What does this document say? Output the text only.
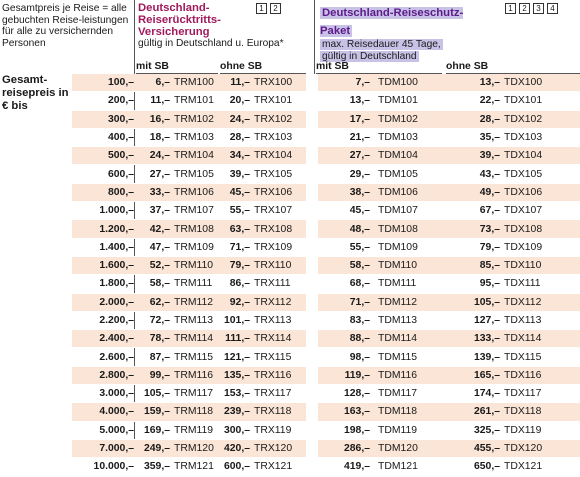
Gesamtpreis je Reise = alle gebuchten Reise-leistungen für alle zu versichernden Personen
Deutschland-Reiserücktritts-Versicherung
gültig in Deutschland u. Europa*
1	2	Deutschland-Reiseschutz-Paket
max. Reisedauer 45 Tage,
gültig in Deutschland
1	2	3	4
Gesamt-reisepreis in € bis
mit SB	ohne SB	mit SB	ohne SB
100,–	6,– TRM100	11,– TRX100	7,– TDM100	13,– TDX100
200,–	11,– TRM101	20,– TRX101	13,– TDM101	22,– TDX101
300,–	16,– TRM102	24,– TRX102	17,– TDM102	28,– TDX102
400,–	18,– TRM103	28,– TRX103	21,– TDM103	35,– TDX103
500,–	24,– TRM104	34,– TRX104	27,– TDM104	39,– TDX104
600,–	27,– TRM105	39,– TRX105	29,– TDM105	43,– TDX105
800,–	33,– TRM106	45,– TRX106	38,– TDM106	49,– TDX106
1.000,–	37,– TRM107	55,– TRX107	45,– TDM107	67,– TDX107
1.200,–	42,– TRM108	63,– TRX108	48,– TDM108	73,– TDX108
1.400,–	47,– TRM109	71,– TRX109	55,– TDM109	79,– TDX109
1.600,–	52,– TRM110	79,– TRX110	58,– TDM110	85,– TDX110
1.800,–	58,– TRM111	86,– TRX111	68,– TDM111	95,– TDX111
2.000,–	62,– TRM112	92,– TRX112	71,– TDM112	105,– TDX112
2.200,–	72,– TRM113	101,– TRX113	83,– TDM113	127,– TDX113
2.400,–	78,– TRM114	111,– TRX114	88,– TDM114	133,– TDX114
2.600,–	87,– TRM115	121,– TRX115	98,– TDM115	139,– TDX115
2.800,–	99,– TRM116	135,– TRX116	119,– TDM116	165,– TDX116
3.000,– 105,– TRM117	153,– TRX117	128,– TDM117	174,– TDX117
4.000,– 159,– TRM118	239,– TRX118	163,– TDM118	261,– TDX118
5.000,– 169,– TRM119	300,– TRX119	198,– TDM119	325,– TDX119
7.000,– 249,– TRM120 420,– TRX120	286,– TDM120	455,– TDX120
10.000,– 359,– TRM121 600,– TRX121	419,– TDM121	650,– TDX121
